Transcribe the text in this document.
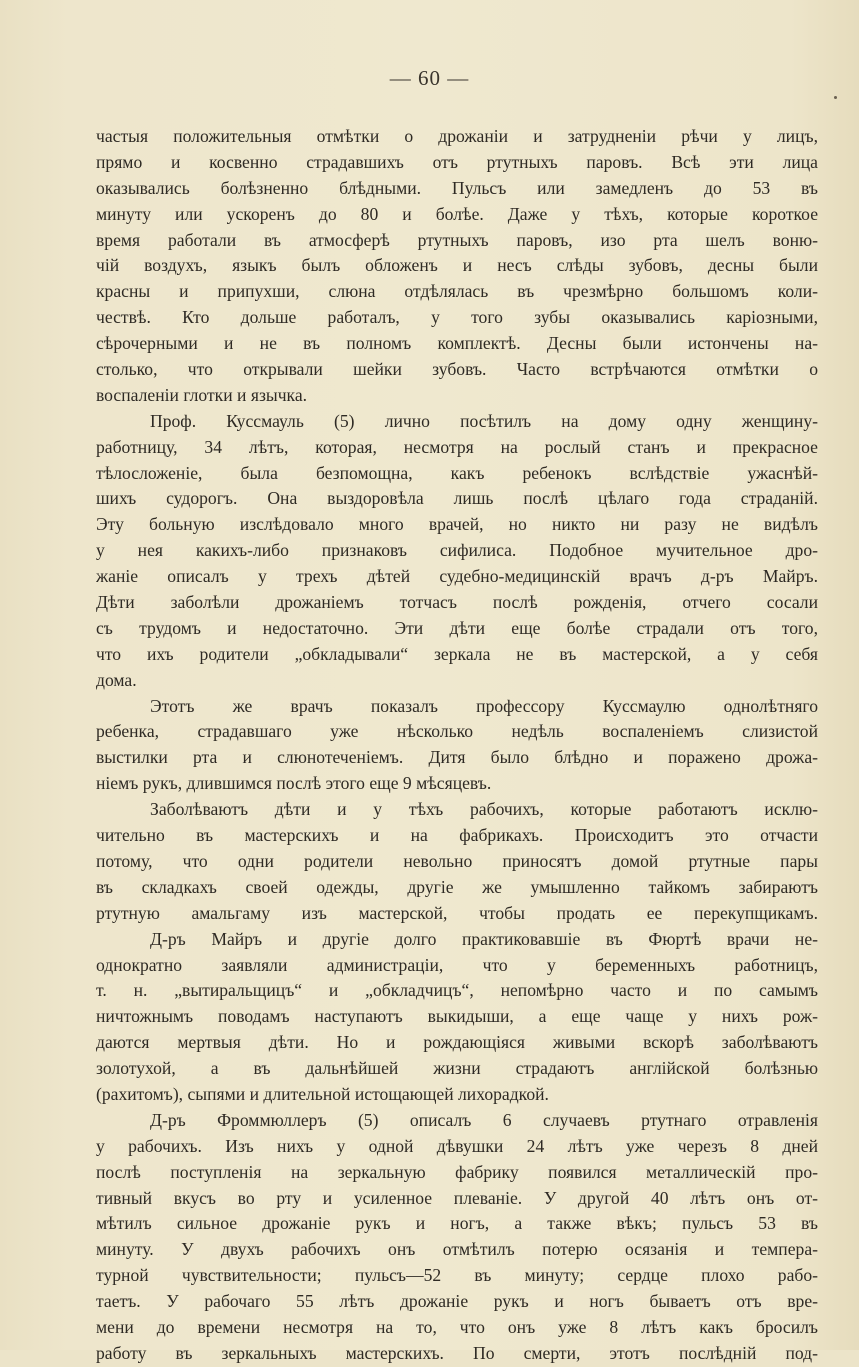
— 60 —
частыя положительныя отмѣтки о дрожаніи и затрудненіи рѣчи у лицъ,
прямо и косвенно страдавшихъ отъ ртутныхъ паровъ. Всѣ эти лица
оказывались болѣзненно блѣдными. Пульсъ или замедленъ до 53 въ
минуту или ускоренъ до 80 и болѣе. Даже у тѣхъ, которые короткое
время работали въ атмосферѣ ртутныхъ паровъ, изо рта шелъ воню-
чій воздухъ, языкъ былъ обложенъ и несъ слѣды зубовъ, десны были
красны и припухши, слюна отдѣлялась въ чрезмѣрно большомъ коли-
чествѣ. Кто дольше работалъ, у того зубы оказывались каріозными,
сѣрочерными и не въ полномъ комплектѣ. Десны были истончены на-
столько, что открывали шейки зубовъ. Часто встрѣчаются отмѣтки о
воспаленіи глотки и язычка.
Проф. Куссмауль (5) лично посѣтилъ на дому одну женщину-
работницу, 34 лѣтъ, которая, несмотря на рослый станъ и прекрасное
тѣлосложеніе, была безпомощна, какъ ребенокъ вслѣдствіе ужаснѣй-
шихъ судорогъ. Она выздоровѣла лишь послѣ цѣлаго года страданій.
Эту больную изслѣдовало много врачей, но никто ни разу не видѣлъ
у нея какихъ-либо признаковъ сифилиса. Подобное мучительное дро-
жаніе описалъ у трехъ дѣтей судебно-медицинскій врачъ д-ръ Майръ.
Дѣти заболѣли дрожаніемъ тотчасъ послѣ рожденія, отчего сосали
съ трудомъ и недостаточно. Эти дѣти еще болѣе страдали отъ того,
что ихъ родители „обкладывали“ зеркала не въ мастерской, а у себя
дома.
Этотъ же врачъ показалъ профессору Куссмаулю однолѣтняго
ребенка, страдавшаго уже нѣсколько недѣль воспаленіемъ слизистой
выстилки рта и слюнотеченіемъ. Дитя было блѣдно и поражено дрожа-
ніемъ рукъ, длившимся послѣ этого еще 9 мѣсяцевъ.
Заболѣваютъ дѣти и у тѣхъ рабочихъ, которые работаютъ исклю-
чительно въ мастерскихъ и на фабрикахъ. Происходитъ это отчасти
потому, что одни родители невольно приносятъ домой ртутные пары
въ складкахъ своей одежды, другіе же умышленно тайкомъ забираютъ
ртутную амальгаму изъ мастерской, чтобы продать ее перекупщикамъ.
Д-ръ Майръ и другіе долго практиковавшіе въ Фюртѣ врачи не-
однократно заявляли администраціи, что у беременныхъ работницъ,
т. н. „вытиральщицъ“ и „обкладчицъ“, непомѣрно часто и по самымъ
ничтожнымъ поводамъ наступаютъ выкидыши, а еще чаще у нихъ рож-
даются мертвыя дѣти. Но и рождающіяся живыми вскорѣ заболѣваютъ
золотухой, а въ дальнѣйшей жизни страдаютъ англійской болѣзнью
(рахитомъ), сыпями и длительной истощающей лихорадкой.
Д-ръ Фроммюллеръ (5) описалъ 6 случаевъ ртутнаго отравленія
у рабочихъ. Изъ нихъ у одной дѣвушки 24 лѣтъ уже черезъ 8 дней
послѣ поступленія на зеркальную фабрику появился металлическій про-
тивный вкусъ во рту и усиленное плеваніе. У другой 40 лѣтъ онъ от-
мѣтилъ сильное дрожаніе рукъ и ногъ, а также вѣкъ; пульсъ 53 въ
минуту. У двухъ рабочихъ онъ отмѣтилъ потерю осязанія и темпера-
турной чувствительности; пульсъ—52 въ минуту; сердце плохо рабо-
таетъ. У рабочаго 55 лѣтъ дрожаніе рукъ и ногъ бываетъ отъ вре-
мени до времени несмотря на то, что онъ уже 8 лѣтъ какъ бросилъ
работу въ зеркальныхъ мастерскихъ. По смерти, этотъ послѣдній под-
